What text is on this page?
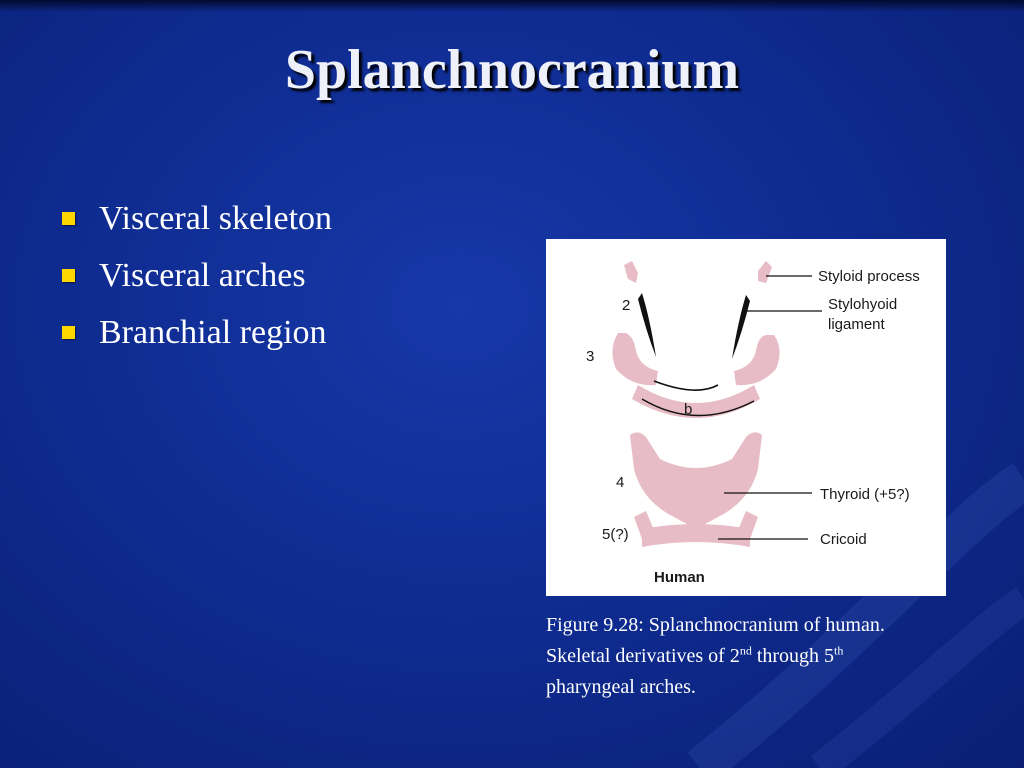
Splanchnocranium
Visceral skeleton
Visceral arches
Branchial region
2
3
b
4
5(?)
Styloid process
Stylohyoid
ligament
Thyroid (+5?)
Cricoid
Human
Figure 9.28: Splanchnocranium of human.
Skeletal derivatives of 2nd through 5th
pharyngeal arches.
